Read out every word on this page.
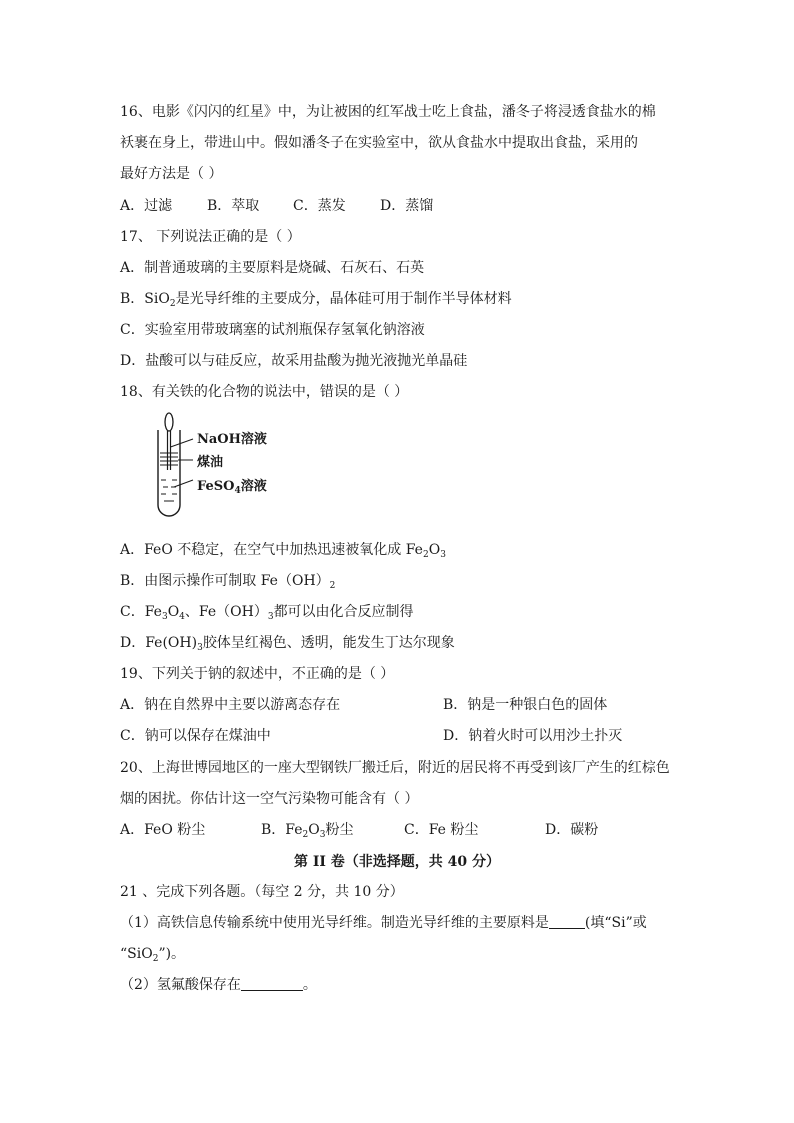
16、电影《闪闪的红星》中，为让被困的红军战士吃上食盐，潘冬子将浸透食盐水的棉
袄裹在身上，带进山中。假如潘冬子在实验室中，欲从食盐水中提取出食盐，采用的
最好方法是（ ）
A．过滤 B．萃取 C．蒸发 D．蒸馏
17、 下列说法正确的是（ ）
A．制普通玻璃的主要原料是烧碱、石灰石、石英
B．SiO$_2$是光导纤维的主要成分，晶体硅可用于制作半导体材料
C．实验室用带玻璃塞的试剂瓶保存氢氧化钠溶液
D．盐酸可以与硅反应，故采用盐酸为抛光液抛光单晶硅
18、有关铁的化合物的说法中，错误的是（ ）
NaOH溶液
煤油
FeSO$_4$溶液
A．FeO 不稳定，在空气中加热迅速被氧化成 $Fe_2O_3$
B．由图示操作可制取 $Fe(OH)_2$
C．$Fe_3O_4$、$Fe(OH)_3$都可以由化合反应制得
D．$Fe(OH)_3$胶体呈红褐色、透明，能发生丁达尔现象
19、下列关于钠的叙述中，不正确的是（ ）
A．钠在自然界中主要以游离态存在	B．钠是一种银白色的固体
C．钠可以保存在煤油中	D．钠着火时可以用沙土扑灭
20、上海世博园地区的一座大型钢铁厂搬迁后，附近的居民将不再受到该厂产生的红棕色
烟的困扰。你估计这一空气污染物可能含有（ ）
A．FeO 粉尘	B．$Fe_2O_3$粉尘	C．Fe 粉尘	D．碳粉
第 II 卷（非选择题，共 40 分）
21 、完成下列各题。（每空 2 分，共 10 分）
（1）高铁信息传输系统中使用光导纤维。制造光导纤维的主要原料是	(填“Si”或
“SiO$_2$”)。
（2）氢氟酸保存在	。
